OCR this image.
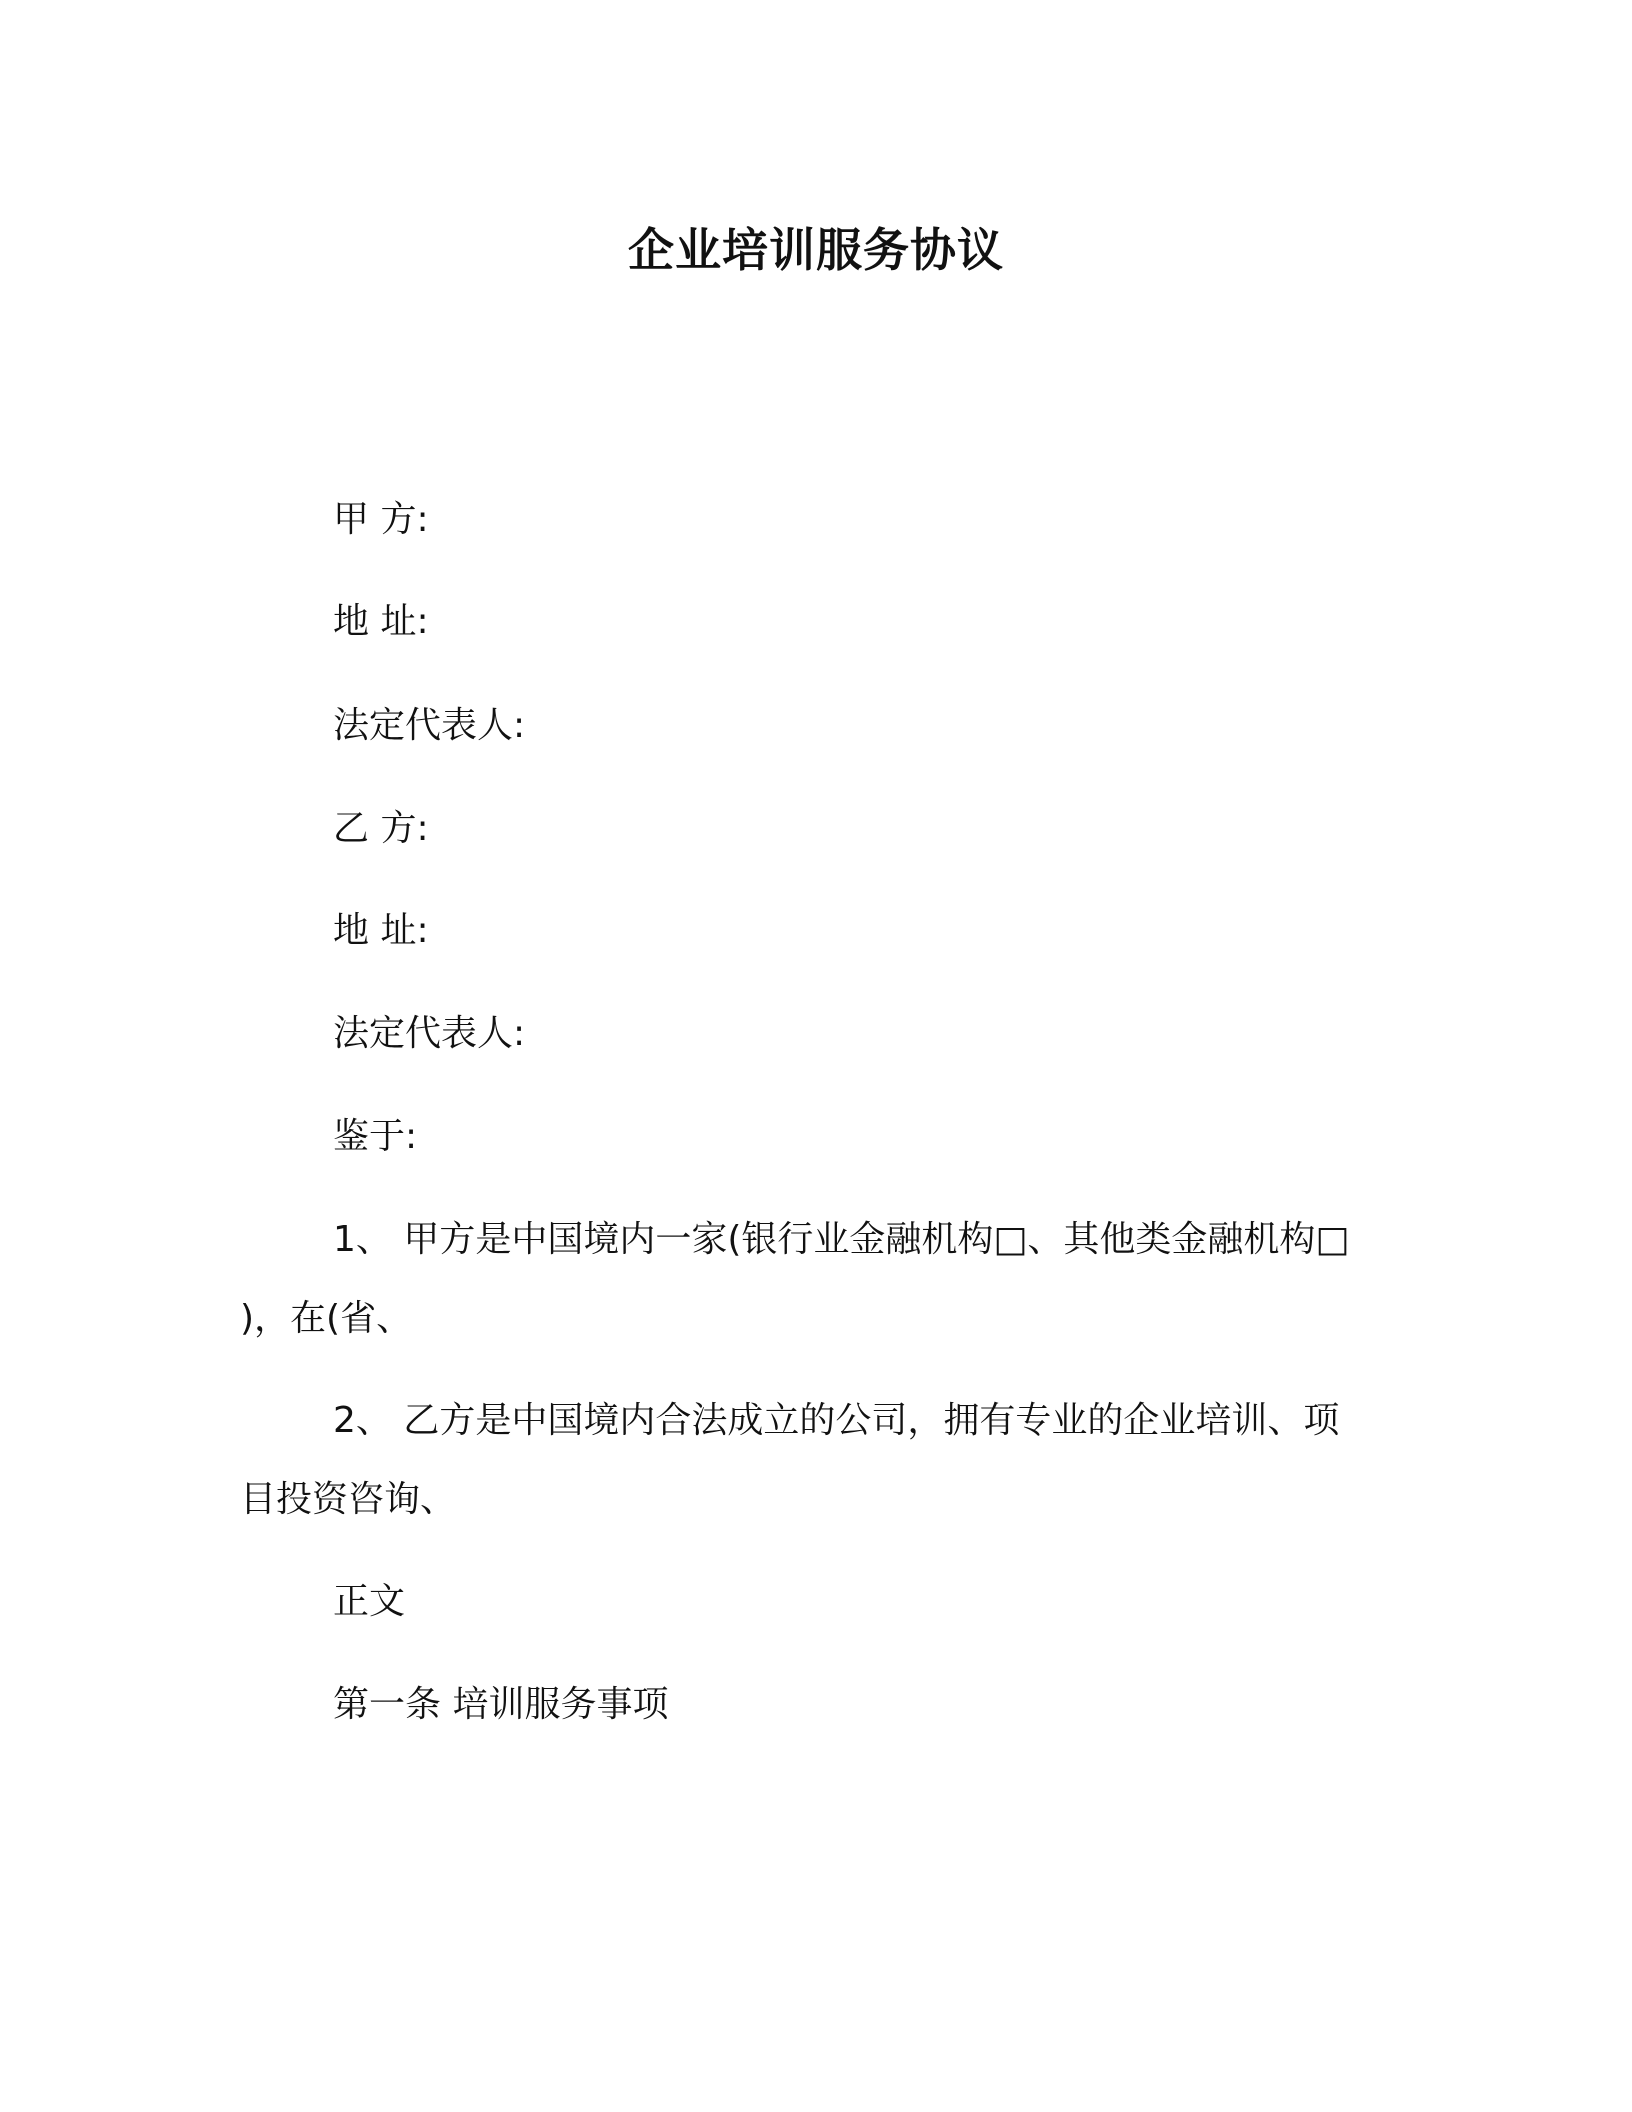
企业培训服务协议
甲 方:
地 址:
法定代表人:
乙 方:
地 址:
法定代表人:
鉴于:
1、 甲方是中国境内一家(银行业金融机构□、其他类金融机构□
)，在(省、
2、 乙方是中国境内合法成立的公司，拥有专业的企业培训、项
目投资咨询、
正文
第一条 培训服务事项
